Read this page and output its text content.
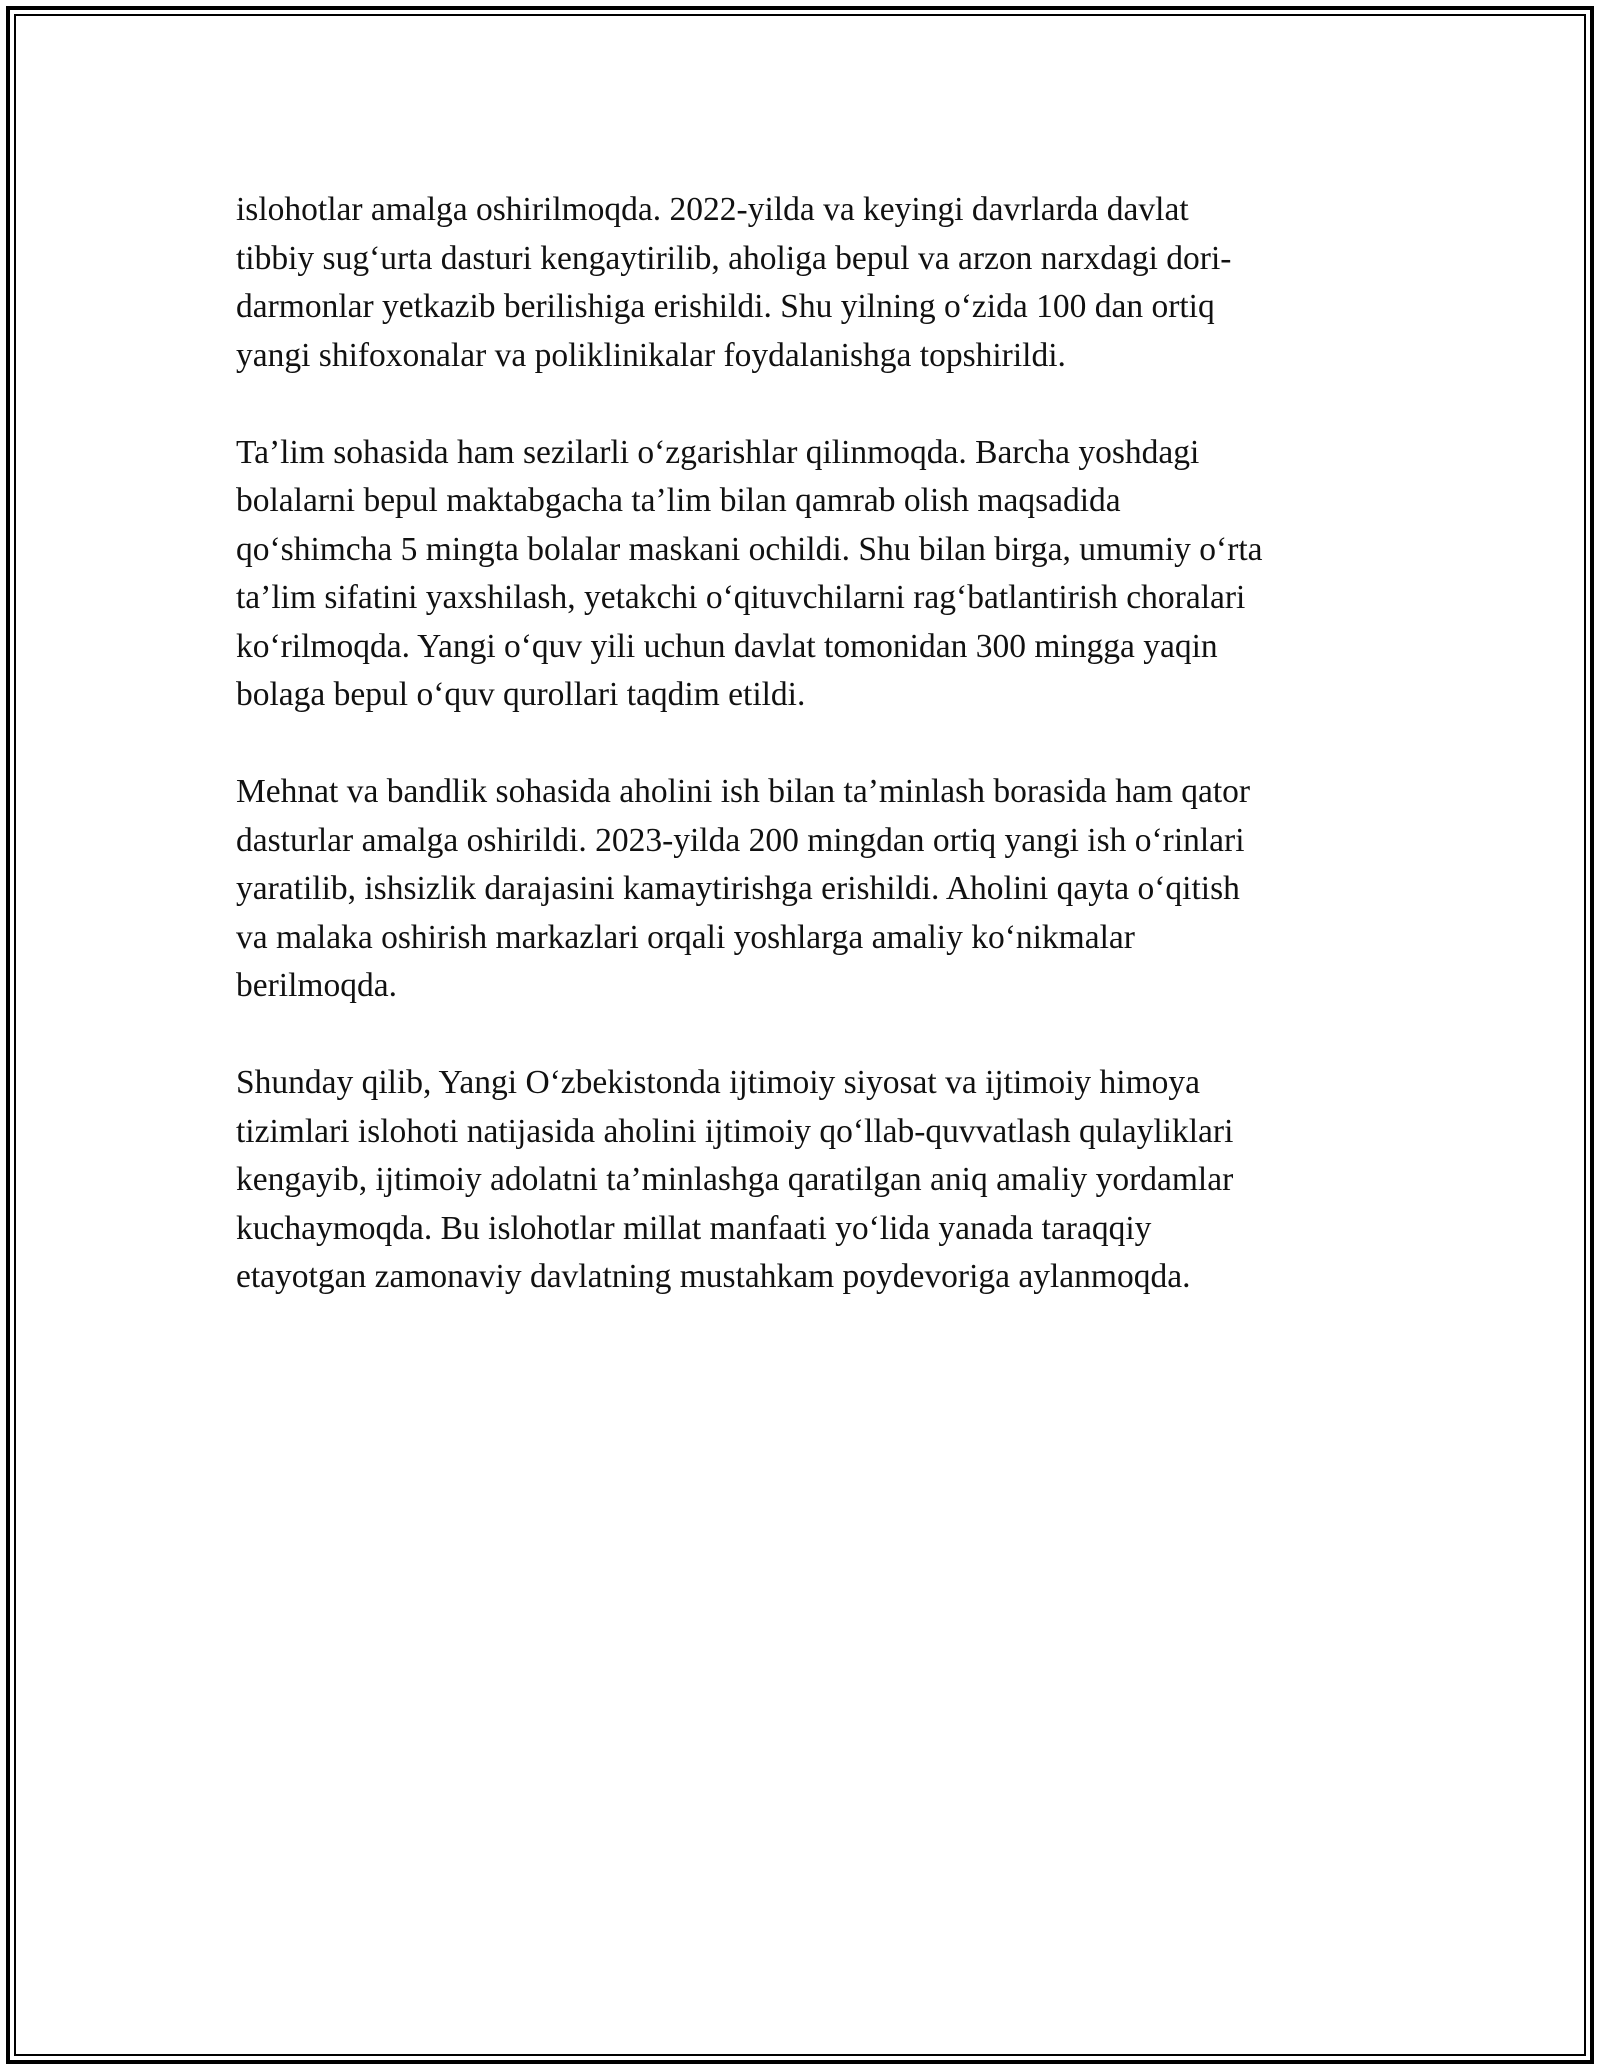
islohotlar amalga oshirilmoqda. 2022-yilda va keyingi davrlarda davlat
tibbiy sug‘urta dasturi kengaytirilib, aholiga bepul va arzon narxdagi dori-
darmonlar yetkazib berilishiga erishildi. Shu yilning o‘zida 100 dan ortiq
yangi shifoxonalar va poliklinikalar foydalanishga topshirildi.

Ta’lim sohasida ham sezilarli o‘zgarishlar qilinmoqda. Barcha yoshdagi
bolalarni bepul maktabgacha ta’lim bilan qamrab olish maqsadida
qo‘shimcha 5 mingta bolalar maskani ochildi. Shu bilan birga, umumiy o‘rta
ta’lim sifatini yaxshilash, yetakchi o‘qituvchilarni rag‘batlantirish choralari
ko‘rilmoqda. Yangi o‘quv yili uchun davlat tomonidan 300 mingga yaqin
bolaga bepul o‘quv qurollari taqdim etildi.

Mehnat va bandlik sohasida aholini ish bilan ta’minlash borasida ham qator
dasturlar amalga oshirildi. 2023-yilda 200 mingdan ortiq yangi ish o‘rinlari
yaratilib, ishsizlik darajasini kamaytirishga erishildi. Aholini qayta o‘qitish
va malaka oshirish markazlari orqali yoshlarga amaliy ko‘nikmalar
berilmoqda.

Shunday qilib, Yangi O‘zbekistonda ijtimoiy siyosat va ijtimoiy himoya
tizimlari islohoti natijasida aholini ijtimoiy qo‘llab-quvvatlash qulayliklari
kengayib, ijtimoiy adolatni ta’minlashga qaratilgan aniq amaliy yordamlar
kuchaymoqda. Bu islohotlar millat manfaati yo‘lida yanada taraqqiy
etayotgan zamonaviy davlatning mustahkam poydevoriga aylanmoqda.
